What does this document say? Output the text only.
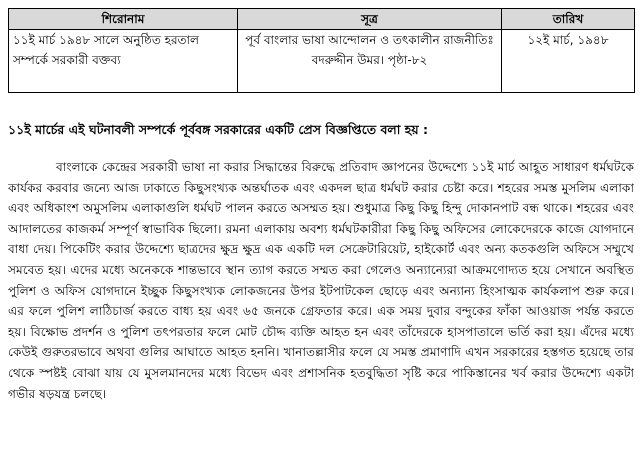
শিরোনাম	সূত্র	তারিখ
১১ই মার্চ ১৯৪৮ সালে অনুষ্ঠিত হরতাল সম্পর্কে সরকারী বক্তব্য	পূর্ব বাংলার ভাষা আন্দোলন ও তৎকালীন রাজনীতিঃ বদরুদ্দীন উমর। পৃষ্ঠা-৮২	১২ই মার্চ, ১৯৪৮

১১ই মার্চের এই ঘটনাবলী সম্পর্কে পূর্ববঙ্গ সরকারের একটি প্রেস বিজ্ঞপ্তিতে বলা হয় :

বাংলাকে কেন্দ্রের সরকারী ভাষা না করার সিদ্ধান্তের বিরুদ্ধে প্রতিবাদ জ্ঞাপনের উদ্দেশ্যে ১১ই মার্চ আহূত সাধারণ ধর্মঘটকে কার্যকর করবার জন্যে আজ ঢাকাতে কিছুসংখ্যক অন্তর্ঘাতক এবং একদল ছাত্র ধর্মঘট করার চেষ্টা করে। শহরের সমস্ত মুসলিম এলাকা এবং অধিকাংশ অমুসলিম এলাকাগুলি ধর্মঘট পালন করতে অসম্মত হয়। শুধুমাত্র কিছু কিছু হিন্দু দোকানপাট বন্ধ থাকে। শহরের এবং আদালতের কাজকর্ম সম্পূর্ণ স্বাভাবিক ছিলো। রমনা এলাকায় অবশ্য ধর্মঘটকারীরা কিছু কিছু অফিসের লোকেদেরকে কাজে যোগদানে বাধা দেয়। পিকেটিং করার উদ্দেশ্যে ছাত্রদের ক্ষুদ্র ক্ষুদ্র এক একটি দল সেক্রেটারিয়েট, হাইকোর্ট এবং অন্য কতকগুলি অফিসে সম্মুখে সমবেত হয়। এদের মধ্যে অনেককে শান্তভাবে স্থান ত্যাগ করতে সম্মত করা গেলেও অন্যান্যেরা আক্রমণোদ্যত হয়ে সেখানে অবস্থিত পুলিশ ও অফিস যোগদানে ইচ্ছুক কিছুসংখ্যক লোকজনের উপর ইটপাটকেল ছোড়ে এবং অন্যান্য হিংসাত্মক কার্যকলাপ শুরু করে। এর ফলে পুলিশ লাঠিচার্জ করতে বাধ্য হয় এবং ৬৫ জনকে গ্রেফতার করে। এক সময় দুবার বন্দুকের ফাঁকা আওয়াজ পর্যন্ত করতে হয়। বিক্ষোভ প্রদর্শন ও পুলিশ তৎপরতার ফলে মোট চৌদ্দ ব্যক্তি আহত হন এবং তাঁদেরকে হাসপাতালে ভর্তি করা হয়। এঁদের মধ্যে কেউই গুরুতরভাবে অথবা গুলির আঘাতে আহত হননি। খানাতল্লাসীর ফলে যে সমস্ত প্রমাণাদি এখন সরকারের হস্তগত হয়েছে তার থেকে স্পষ্টই বোঝা যায় যে মুসলমানদের মধ্যে বিভেদ এবং প্রশাসনিক হতবুদ্ধিতা সৃষ্টি করে পাকিস্তানের খর্ব করার উদ্দেশ্যে একটা গভীর ষড়যন্ত্র চলছে।
